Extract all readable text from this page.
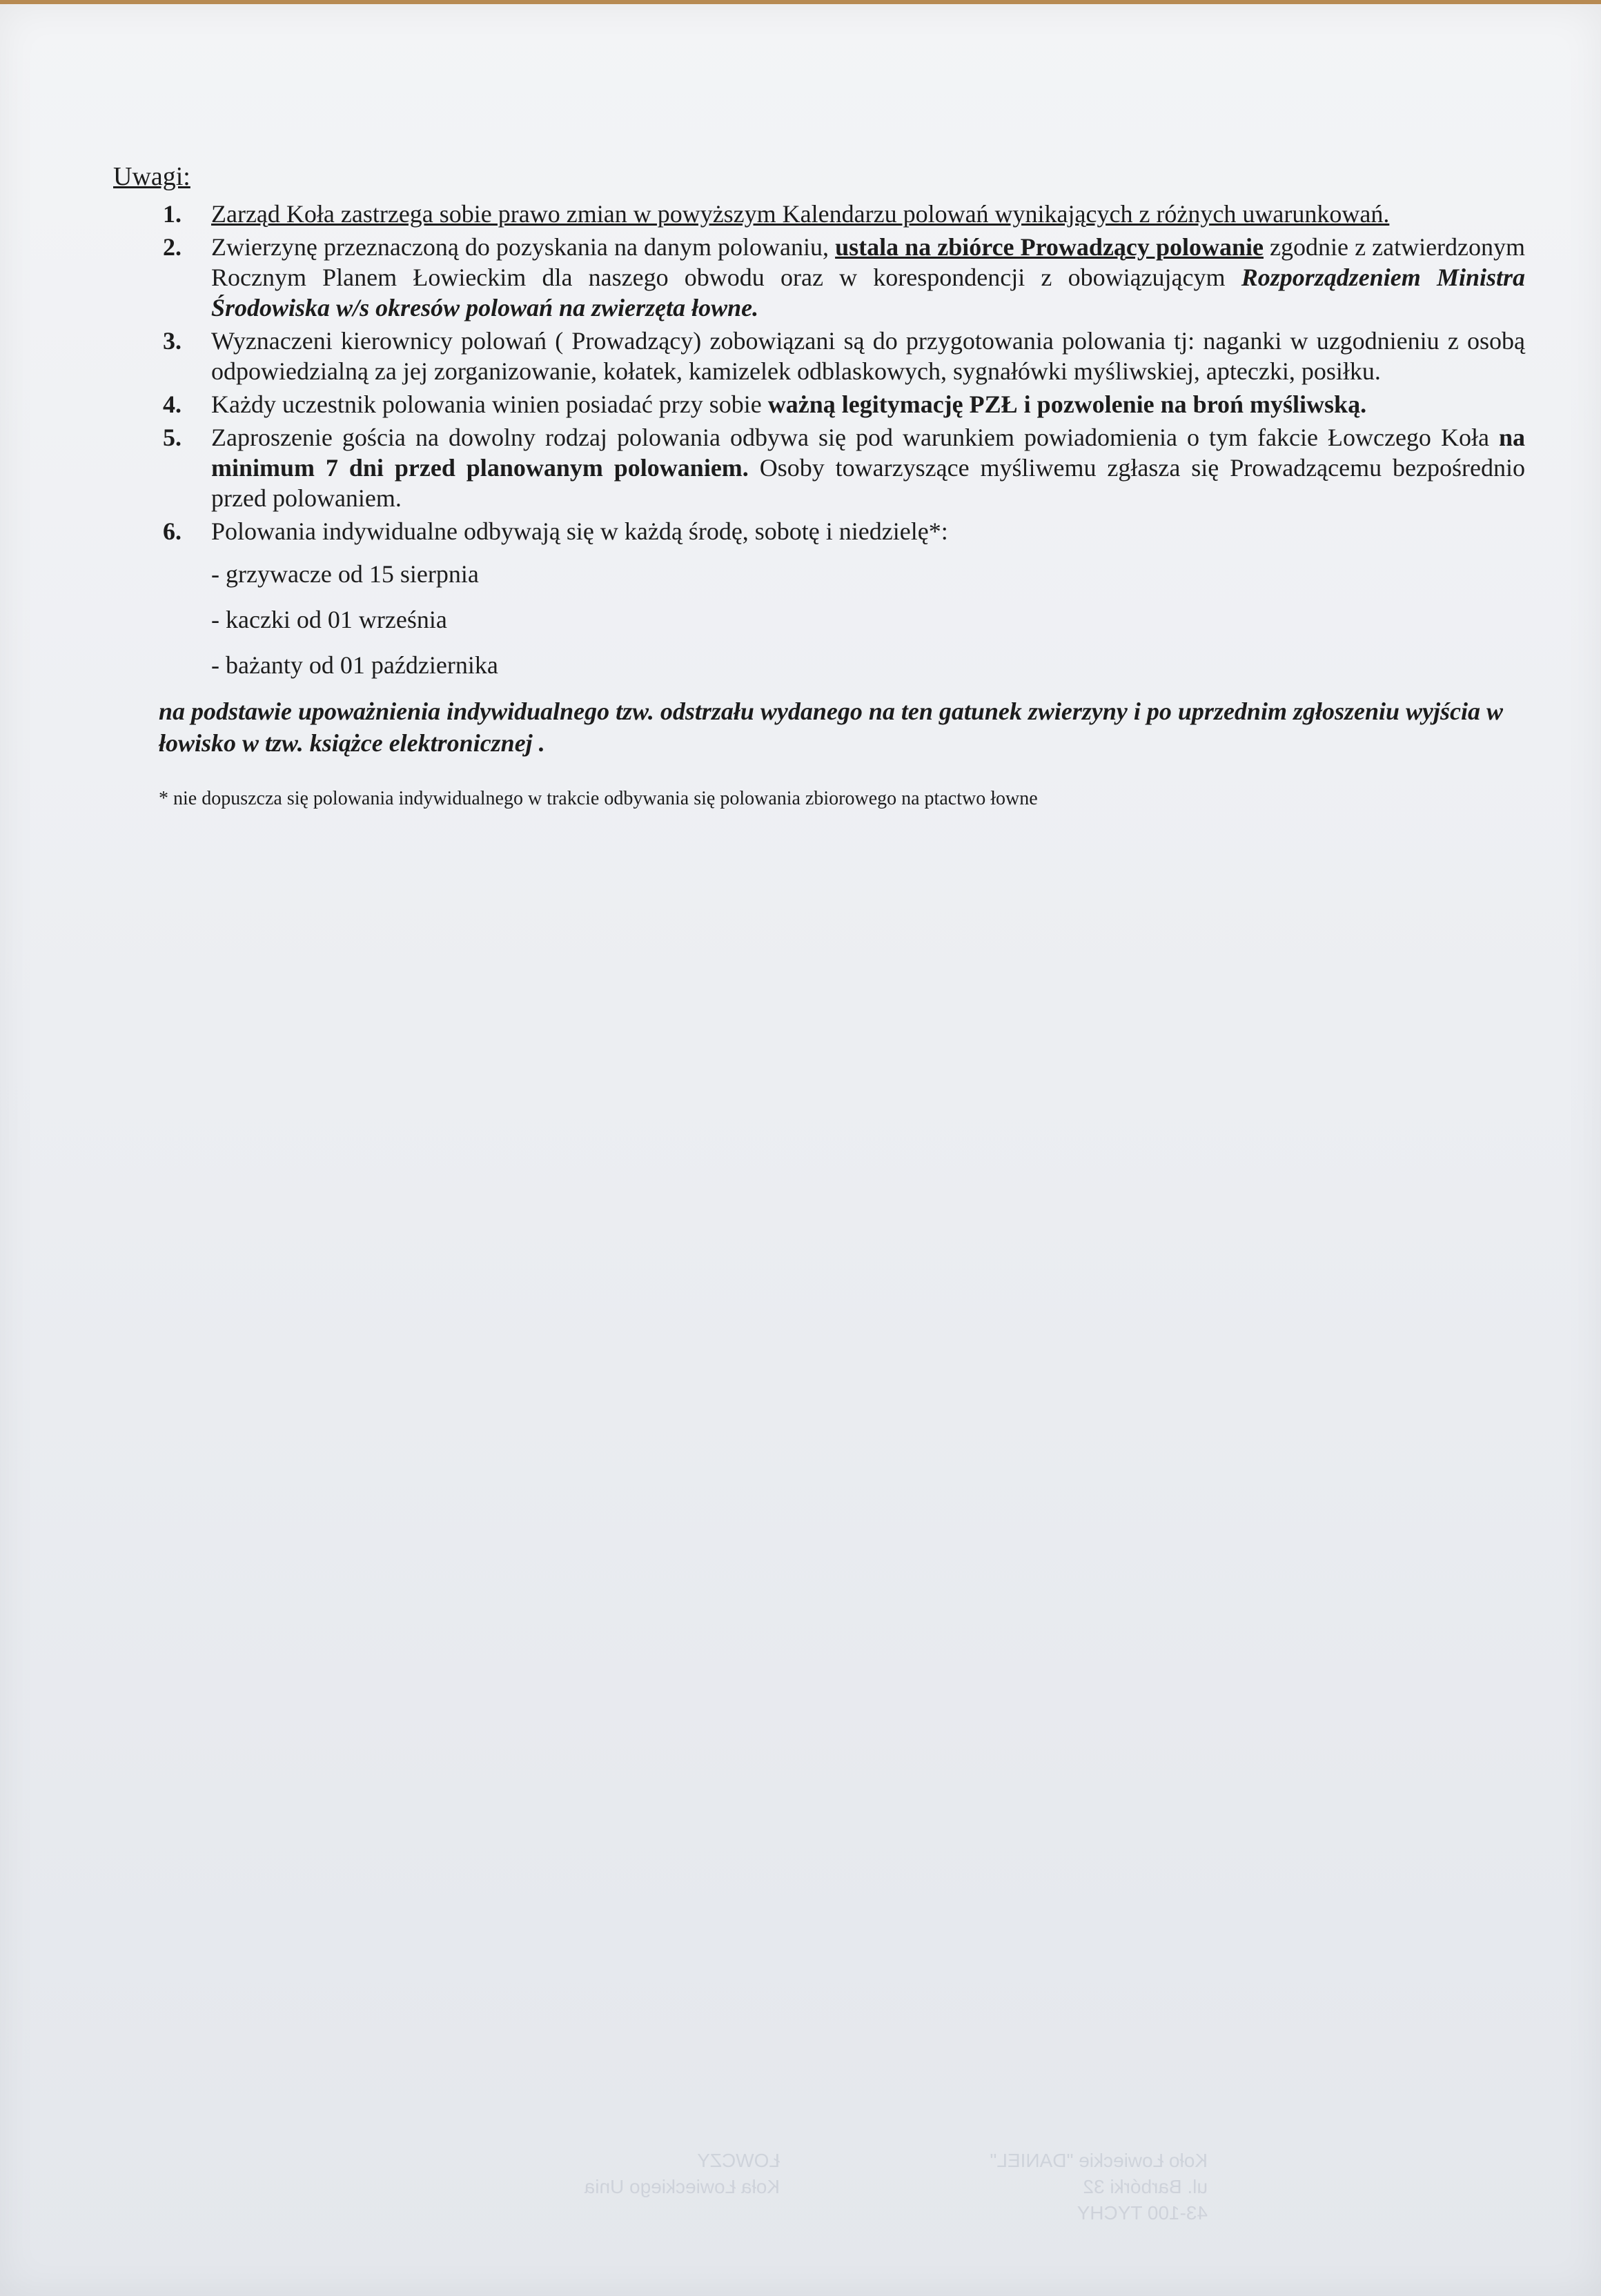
Uwagi:
1. Zarząd Koła zastrzega sobie prawo zmian w powyższym Kalendarzu polowań wynikających z różnych uwarunkowań.
2. Zwierzynę przeznaczoną do pozyskania na danym polowaniu, ustala na zbiórce Prowadzący polowanie zgodnie z zatwierdzonym Rocznym Planem Łowieckim dla naszego obwodu oraz w korespondencji z obowiązującym Rozporządzeniem Ministra Środowiska w/s okresów polowań na zwierzęta łowne.
3. Wyznaczeni kierownicy polowań ( Prowadzący) zobowiązani są do przygotowania polowania tj: naganki w uzgodnieniu z osobą odpowiedzialną za jej zorganizowanie, kołatek, kamizelek odblaskowych, sygnałówki myśliwskiej, apteczki, posiłku.
4. Każdy uczestnik polowania winien posiadać przy sobie ważną legitymację PZŁ i pozwolenie na broń myśliwską.
5. Zaproszenie gościa na dowolny rodzaj polowania odbywa się pod warunkiem powiadomienia o tym fakcie Łowczego Koła na minimum 7 dni przed planowanym polowaniem. Osoby towarzyszące myśliwemu zgłasza się Prowadzącemu bezpośrednio przed polowaniem.
6. Polowania indywidualne odbywają się w każdą środę, sobotę i niedzielę*:
- grzywacze od 15 sierpnia
- kaczki od 01 września
- bażanty od 01 października
na podstawie upoważnienia indywidualnego tzw. odstrzału wydanego na ten gatunek zwierzyny i po uprzednim zgłoszeniu wyjścia w łowisko w tzw. książce elektronicznej .
* nie dopuszcza się polowania indywidualnego w trakcie odbywania się polowania zbiorowego na ptactwo łowne
Koło Łowieckie "DANIEL"
ul. Barbórki 32
43-100 TYCHY
ŁOWCZY
Koła Łowieckiego Unia
